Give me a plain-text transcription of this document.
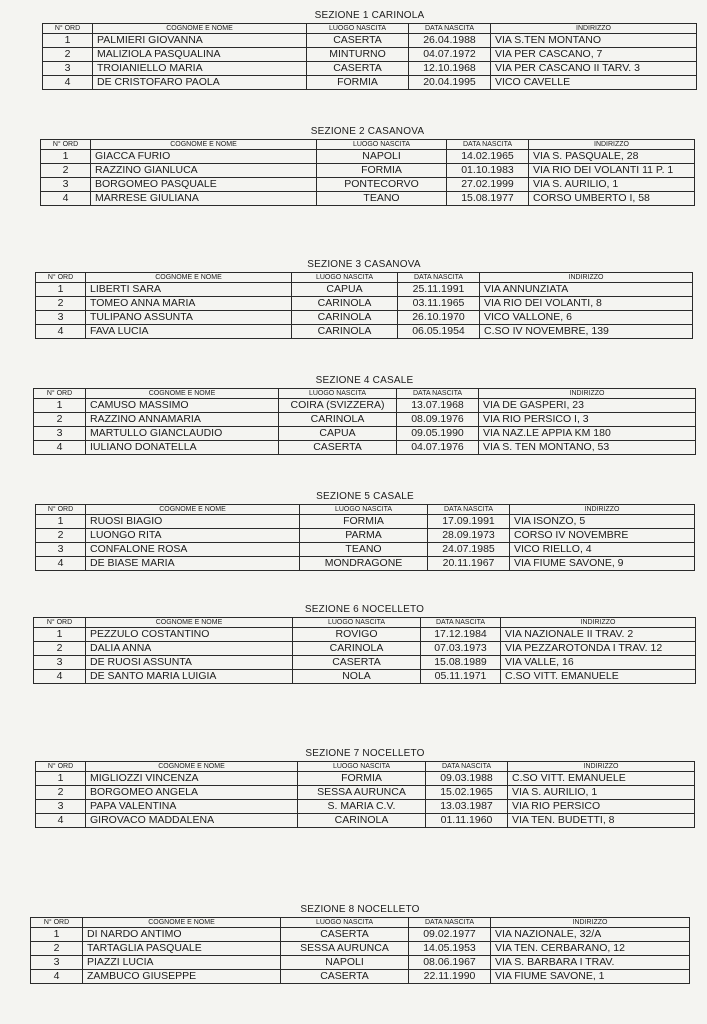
SEZIONE 1 CARINOLA
N° ORD	COGNOME E NOME	LUOGO NASCITA	DATA NASCITA	INDIRIZZO
1	PALMIERI GIOVANNA	CASERTA	26.04.1988	VIA S.TEN MONTANO
2	MALIZIOLA PASQUALINA	MINTURNO	04.07.1972	VIA PER CASCANO, 7
3	TROIANIELLO MARIA	CASERTA	12.10.1968	VIA PER CASCANO II TARV. 3
4	DE CRISTOFARO PAOLA	FORMIA	20.04.1995	VICO CAVELLE
SEZIONE 2 CASANOVA
N° ORD	COGNOME E NOME	LUOGO NASCITA	DATA NASCITA	INDIRIZZO
1	GIACCA FURIO	NAPOLI	14.02.1965	VIA S. PASQUALE, 28
2	RAZZINO GIANLUCA	FORMIA	01.10.1983	VIA RIO DEI VOLANTI 11 P. 1
3	BORGOMEO PASQUALE	PONTECORVO	27.02.1999	VIA S. AURILIO, 1
4	MARRESE GIULIANA	TEANO	15.08.1977	CORSO UMBERTO I, 58
SEZIONE 3 CASANOVA
N° ORD	COGNOME E NOME	LUOGO NASCITA	DATA NASCITA	INDIRIZZO
1	LIBERTI SARA	CAPUA	25.11.1991	VIA ANNUNZIATA
2	TOMEO ANNA MARIA	CARINOLA	03.11.1965	VIA RIO DEI VOLANTI, 8
3	TULIPANO ASSUNTA	CARINOLA	26.10.1970	VICO VALLONE, 6
4	FAVA LUCIA	CARINOLA	06.05.1954	C.SO IV NOVEMBRE, 139
SEZIONE 4 CASALE
N° ORD	COGNOME E NOME	LUOGO NASCITA	DATA NASCITA	INDIRIZZO
1	CAMUSO MASSIMO	COIRA (SVIZZERA)	13.07.1968	VIA DE GASPERI, 23
2	RAZZINO ANNAMARIA	CARINOLA	08.09.1976	VIA RIO PERSICO I, 3
3	MARTULLO GIANCLAUDIO	CAPUA	09.05.1990	VIA NAZ.LE APPIA KM 180
4	IULIANO DONATELLA	CASERTA	04.07.1976	VIA S. TEN MONTANO, 53
SEZIONE 5 CASALE
N° ORD	COGNOME E NOME	LUOGO NASCITA	DATA NASCITA	INDIRIZZO
1	RUOSI BIAGIO	FORMIA	17.09.1991	VIA ISONZO, 5
2	LUONGO RITA	PARMA	28.09.1973	CORSO IV NOVEMBRE
3	CONFALONE ROSA	TEANO	24.07.1985	VICO RIELLO, 4
4	DE BIASE MARIA	MONDRAGONE	20.11.1967	VIA FIUME SAVONE, 9
SEZIONE 6 NOCELLETO
N° ORD	COGNOME E NOME	LUOGO NASCITA	DATA NASCITA	INDIRIZZO
1	PEZZULO COSTANTINO	ROVIGO	17.12.1984	VIA NAZIONALE II TRAV. 2
2	DALIA ANNA	CARINOLA	07.03.1973	VIA PEZZAROTONDA I TRAV. 12
3	DE RUOSI ASSUNTA	CASERTA	15.08.1989	VIA VALLE, 16
4	DE SANTO MARIA LUIGIA	NOLA	05.11.1971	C.SO VITT. EMANUELE
SEZIONE 7 NOCELLETO
N° ORD	COGNOME E NOME	LUOGO NASCITA	DATA NASCITA	INDIRIZZO
1	MIGLIOZZI VINCENZA	FORMIA	09.03.1988	C.SO VITT. EMANUELE
2	BORGOMEO ANGELA	SESSA AURUNCA	15.02.1965	VIA S. AURILIO, 1
3	PAPA VALENTINA	S. MARIA C.V.	13.03.1987	VIA RIO PERSICO
4	GIROVACO MADDALENA	CARINOLA	01.11.1960	VIA TEN. BUDETTI, 8
SEZIONE 8 NOCELLETO
N° ORD	COGNOME E NOME	LUOGO NASCITA	DATA NASCITA	INDIRIZZO
1	DI NARDO ANTIMO	CASERTA	09.02.1977	VIA NAZIONALE, 32/A
2	TARTAGLIA PASQUALE	SESSA AURUNCA	14.05.1953	VIA TEN. CERBARANO, 12
3	PIAZZI LUCIA	NAPOLI	08.06.1967	VIA S. BARBARA I TRAV.
4	ZAMBUCO GIUSEPPE	CASERTA	22.11.1990	VIA FIUME SAVONE, 1
